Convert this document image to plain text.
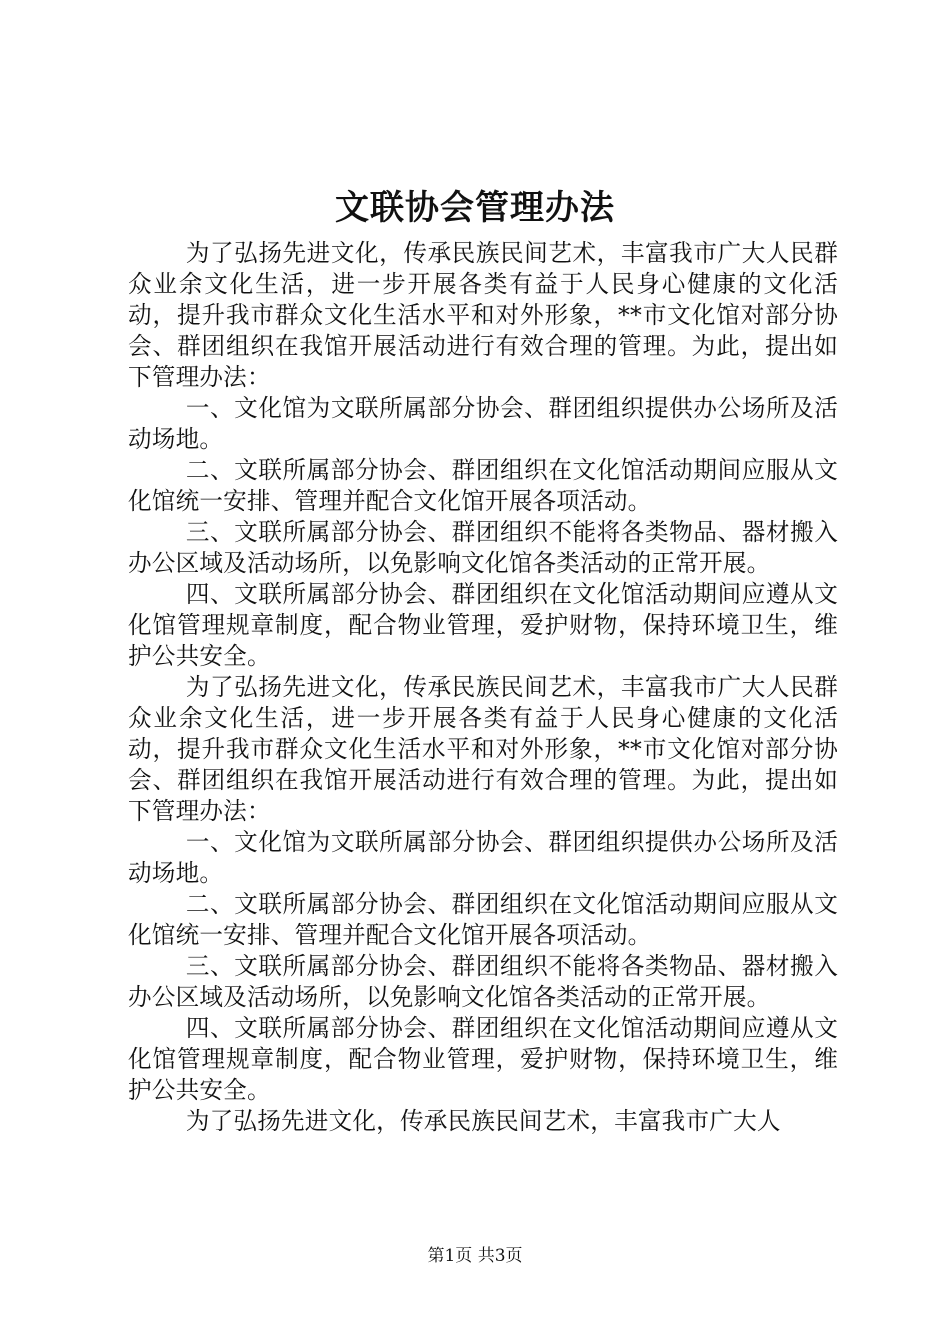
文联协会管理办法

为了弘扬先进文化，传承民族民间艺术，丰富我市广大人民群众业余文化生活，进一步开展各类有益于人民身心健康的文化活动，提升我市群众文化生活水平和对外形象，**市文化馆对部分协会、群团组织在我馆开展活动进行有效合理的管理。为此，提出如下管理办法：

一、文化馆为文联所属部分协会、群团组织提供办公场所及活动场地。

二、文联所属部分协会、群团组织在文化馆活动期间应服从文化馆统一安排、管理并配合文化馆开展各项活动。

三、文联所属部分协会、群团组织不能将各类物品、器材搬入办公区域及活动场所，以免影响文化馆各类活动的正常开展。

四、文联所属部分协会、群团组织在文化馆活动期间应遵从文化馆管理规章制度，配合物业管理，爱护财物，保持环境卫生，维护公共安全。

为了弘扬先进文化，传承民族民间艺术，丰富我市广大人民群众业余文化生活，进一步开展各类有益于人民身心健康的文化活动，提升我市群众文化生活水平和对外形象，**市文化馆对部分协会、群团组织在我馆开展活动进行有效合理的管理。为此，提出如下管理办法：

一、文化馆为文联所属部分协会、群团组织提供办公场所及活动场地。

二、文联所属部分协会、群团组织在文化馆活动期间应服从文化馆统一安排、管理并配合文化馆开展各项活动。

三、文联所属部分协会、群团组织不能将各类物品、器材搬入办公区域及活动场所，以免影响文化馆各类活动的正常开展。

四、文联所属部分协会、群团组织在文化馆活动期间应遵从文化馆管理规章制度，配合物业管理，爱护财物，保持环境卫生，维护公共安全。

为了弘扬先进文化，传承民族民间艺术，丰富我市广大人

第1页 共3页
